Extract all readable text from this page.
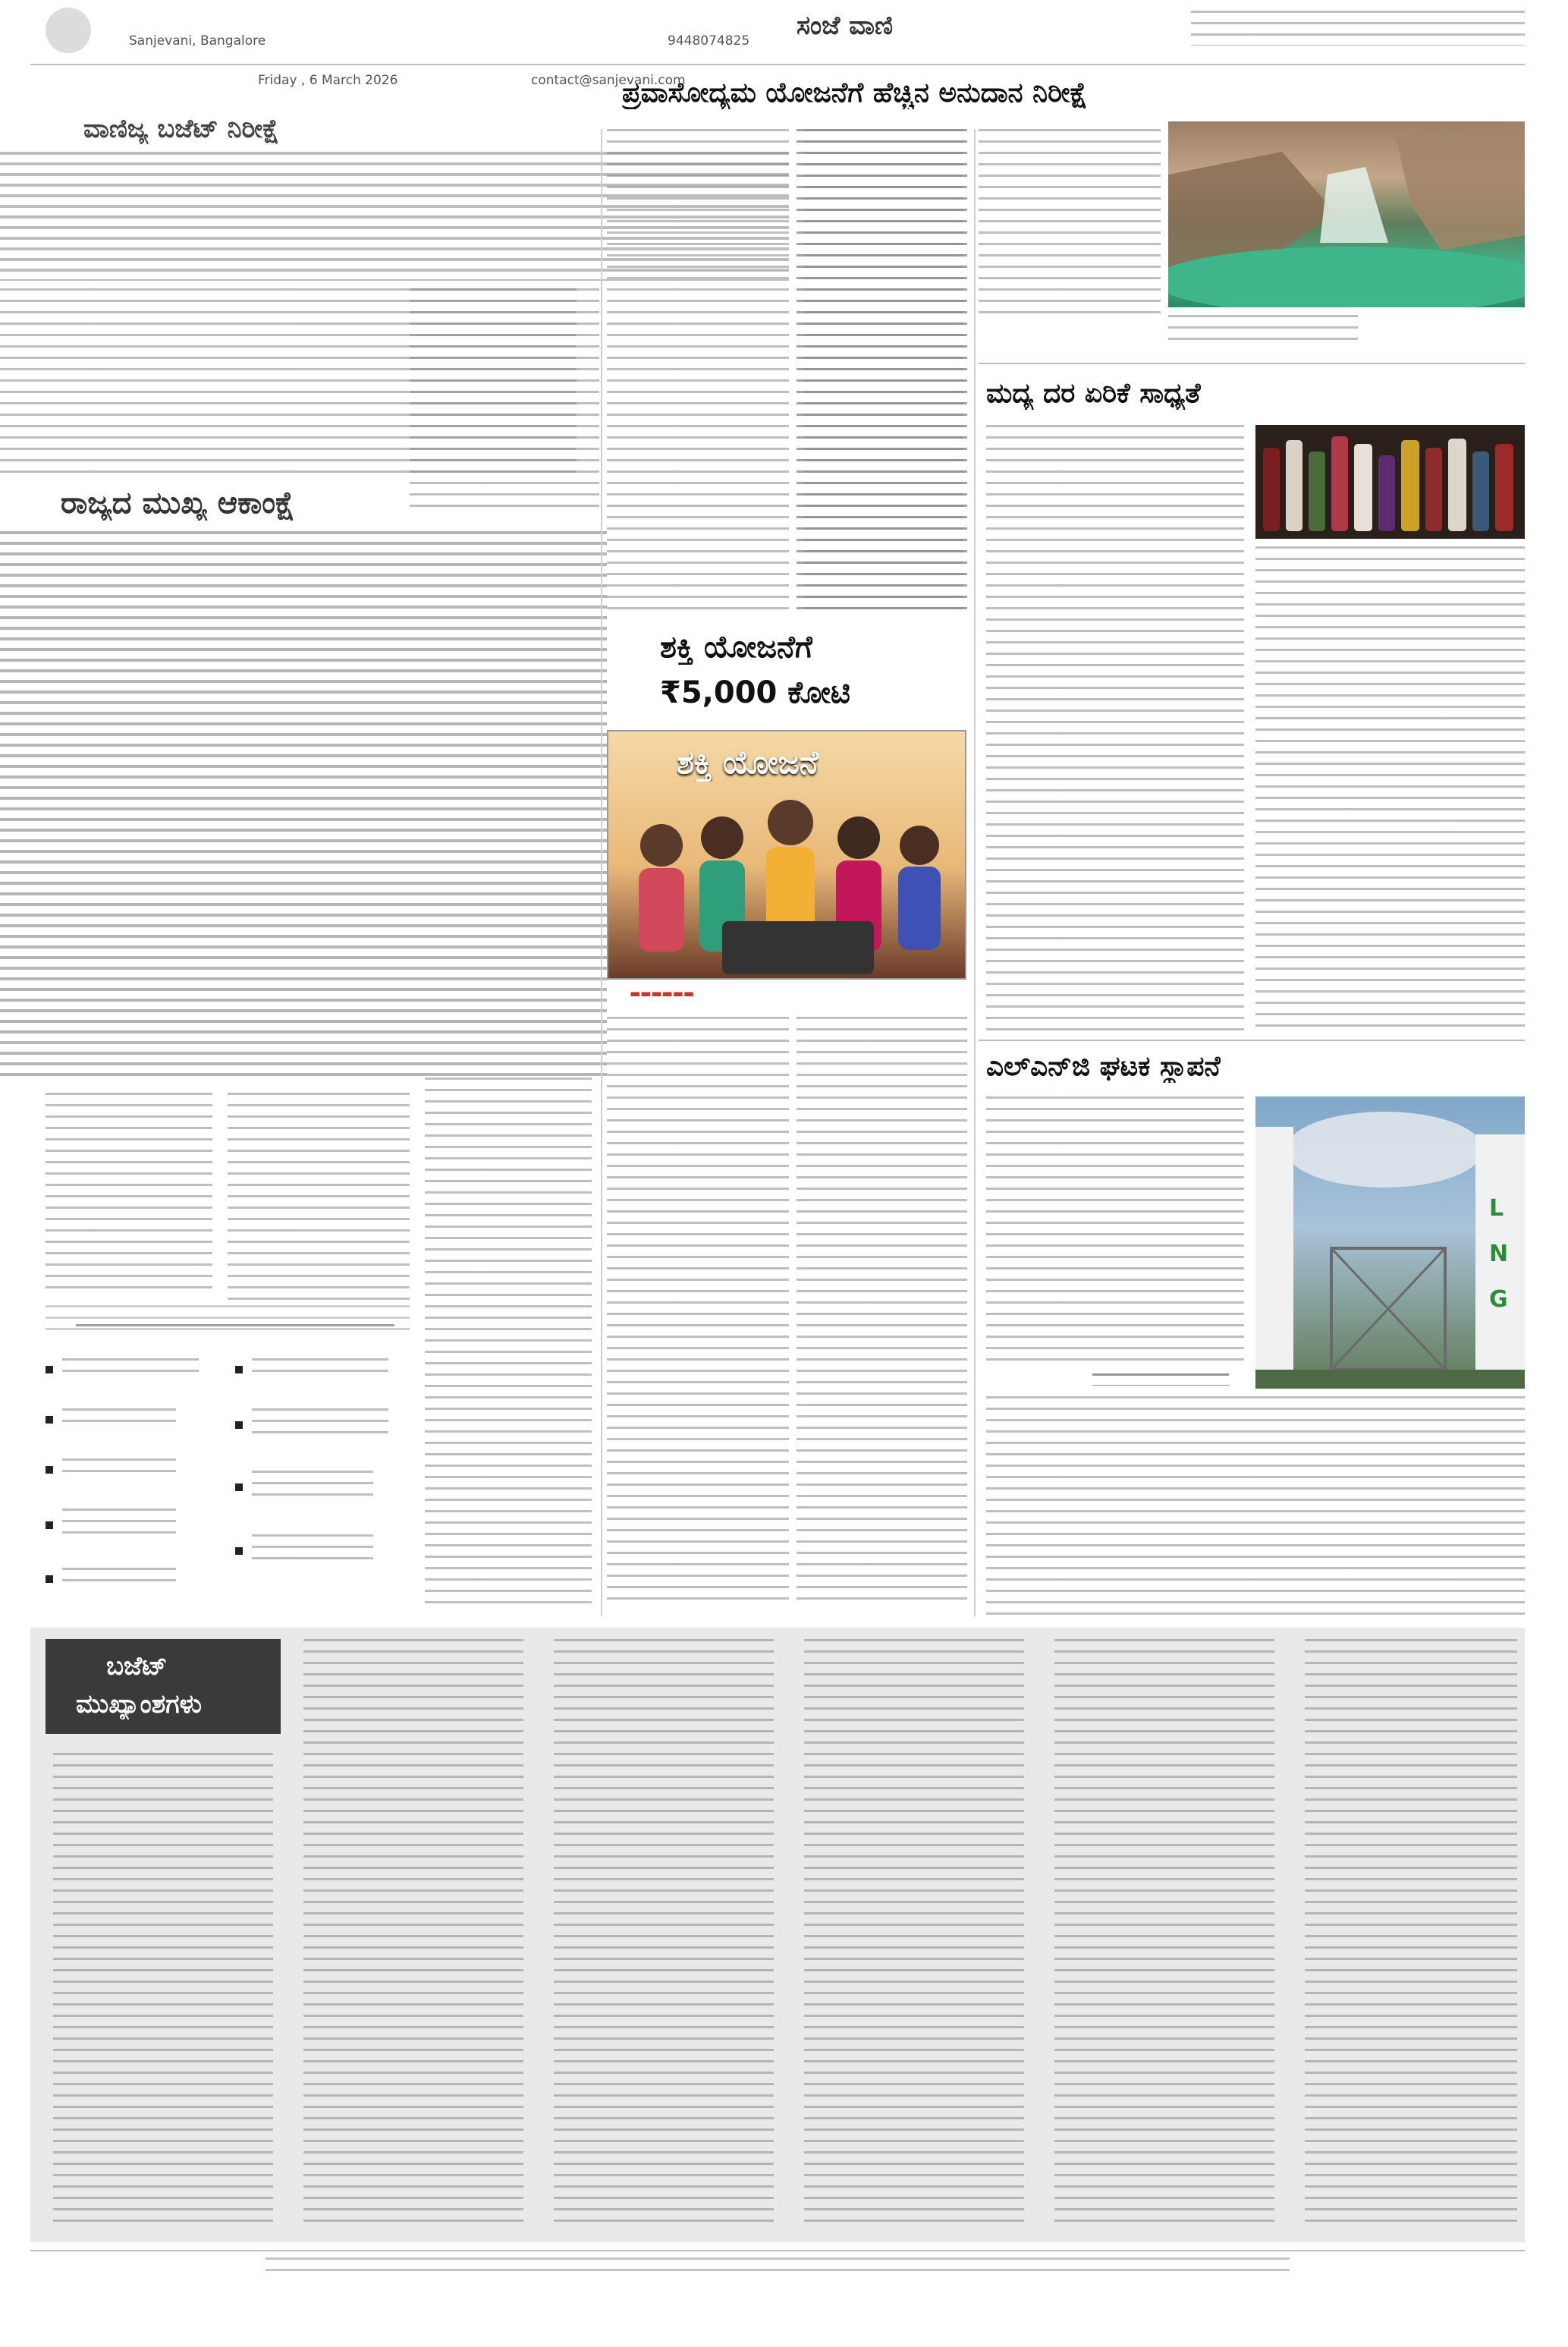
Sanjevani, Bangalore
Friday , 6 March 2026	contact@sanjevani.com
9448074825 ಸಂಜೆ ವಾಣಿ
ವಾಣಿಜ್ಯ ಬಜೆಟ್ ನಿರೀಕ್ಷೆ
ರಾಜ್ಯದ ಮುಖ್ಯ ಆಕಾಂಕ್ಷೆ
ಶಕ್ತಿ ಯೋಜನೆಗೆ
₹5,000 ಕೋಟಿ
ಶಕ್ತಿ ಯೋಜನೆ
▬▬▬▬▬▬
ಪ್ರವಾಸೋದ್ಯಮ ಯೋಜನೆಗೆ ಹೆಚ್ಚಿನ ಅನುದಾನ ನಿರೀಕ್ಷೆ
ಮದ್ಯ ದರ ಏರಿಕೆ ಸಾಧ್ಯತೆ
ಎಲ್‌ಎನ್‌ಜಿ ಘಟಕ ಸ್ಥಾಪನೆ
L
N
G
ಬಜೆಟ್
ಮುಖ್ಯಾಂಶಗಳು
